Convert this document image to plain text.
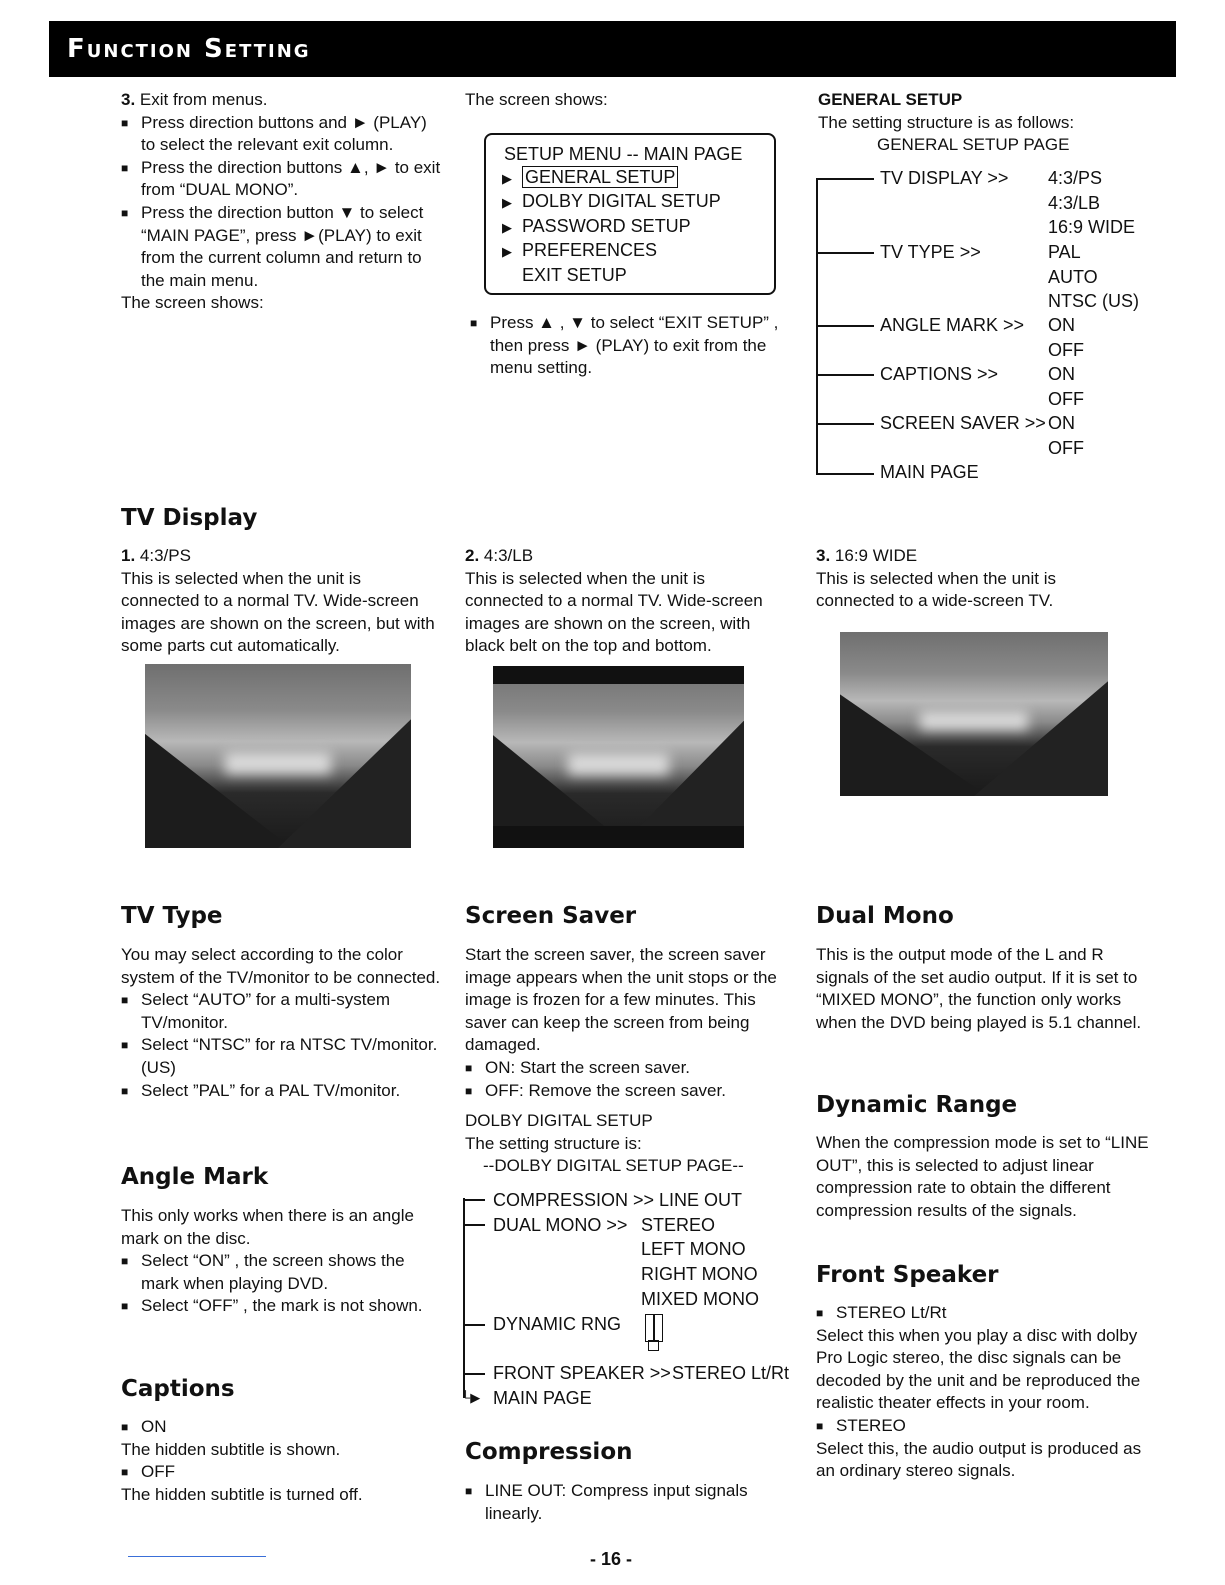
Function Setting

3. Exit from menus.

■ Press direction buttons and ► (PLAY) to select the relevant exit column.

■ Press the direction buttons ▲, ► to exit from “DUAL MONO”.

■ Press the direction button ▼ to select “MAIN PAGE”, press ►(PLAY) to exit from the current column and return to the main menu.

The screen shows:

The screen shows:
SETUP MENU -- MAIN PAGE
▶ GENERAL SETUP
▶ DOLBY DIGITAL SETUP
▶ PASSWORD SETUP
▶ PREFERENCES
EXIT SETUP

■ Press ▲ , ▼ to select “EXIT SETUP” , then press ► (PLAY) to exit from the menu setting.

GENERAL SETUP

The setting structure is as follows:

GENERAL SETUP PAGE

TV DISPLAY >> 4:3/PS
4:3/LB
16:9 WIDE
TV TYPE >>	PAL
AUTO
NTSC (US)
ANGLE MARK >> ON
OFF
CAPTIONS >>	ON
OFF
SCREEN SAVER >> ON
OFF
MAIN PAGE
TV Display

1. 4:3/PS

This is selected when the unit is connected to a normal TV. Wide-screen images are shown on the screen, but with some parts cut automatically.

2. 4:3/LB

This is selected when the unit is connected to a normal TV. Wide-screen images are shown on the screen, with black belt on the top and bottom.

3. 16:9 WIDE

This is selected when the unit is connected to a wide-screen TV.

TV Type

You may select according to the color system of the TV/monitor to be connected.

■ Select “AUTO” for a multi-system TV/monitor.

■ Select “NTSC” for ra NTSC TV/monitor. (US)

■ Select ”PAL” for a PAL TV/monitor.

Angle Mark

This only works when there is an angle mark on the disc.

■ Select “ON” , the screen shows the mark when playing DVD.

■ Select “OFF” , the mark is not shown.

Captions

■ ON

The hidden subtitle is shown.

■ OFF

The hidden subtitle is turned off.

Screen Saver

Start the screen saver, the screen saver image appears when the unit stops or the image is frozen for a few minutes. This saver can keep the screen from being damaged.

■ ON: Start the screen saver.

■ OFF: Remove the screen saver.

DOLBY DIGITAL SETUP

The setting structure is:

--DOLBY DIGITAL SETUP PAGE--

COMPRESSION >> LINE OUT
DUAL MONO >> STEREO
LEFT MONO
RIGHT MONO
MIXED MONO
DYNAMIC RNG
FRONT SPEAKER >> STEREO Lt/Rt
└▶ MAIN PAGE
Compression

■ LINE OUT: Compress input signals linearly.

Dual Mono

This is the output mode of the L and R signals of the set audio output. If it is set to “MIXED MONO”, the function only works when the DVD being played is 5.1 channel.

Dynamic Range

When the compression mode is set to “LINE OUT”, this is selected to adjust linear compression rate to obtain the different compression results of the signals.

Front Speaker

■ STEREO Lt/Rt

Select this when you play a disc with dolby Pro Logic stereo, the disc signals can be decoded by the unit and be reproduced the realistic theater effects in your room.

■ STEREO

Select this, the audio output is produced as an ordinary stereo signals.

- 16 -
